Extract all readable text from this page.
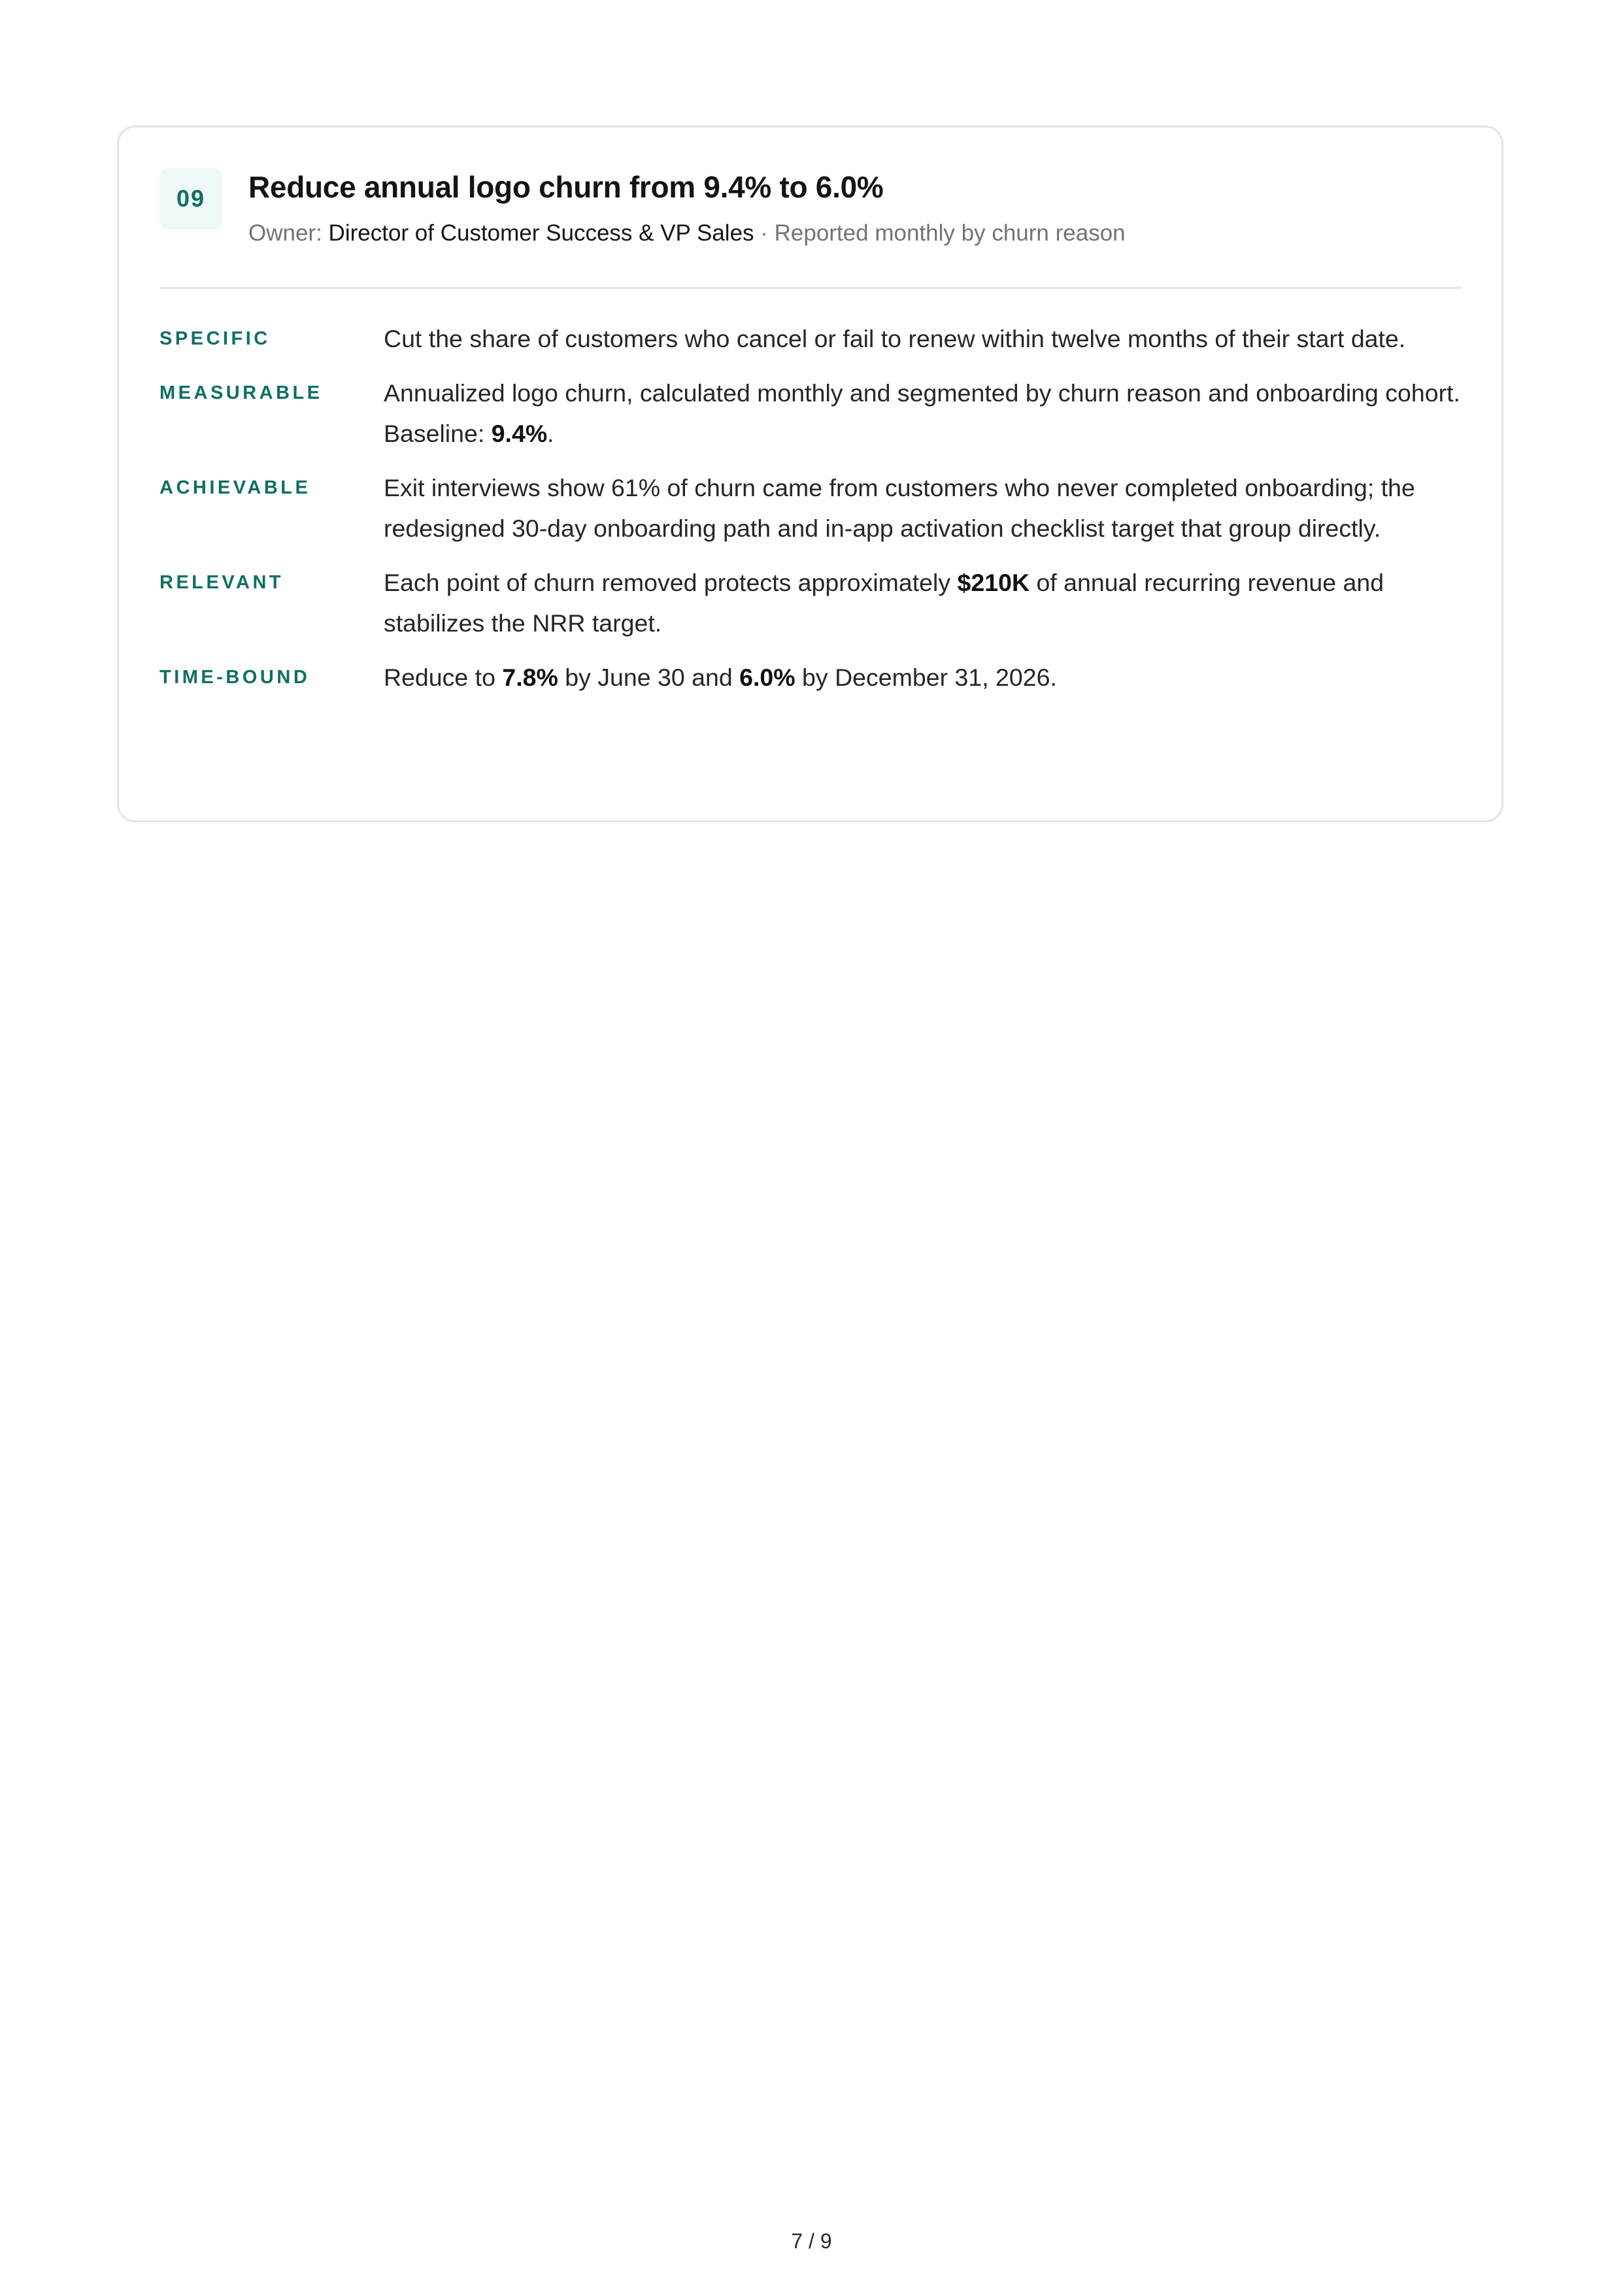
09	Reduce annual logo churn from 9.4% to 6.0%
Owner: Director of Customer Success & VP Sales · Reported monthly by churn reason
SPECIFIC	Cut the share of customers who cancel or fail to renew within twelve months of their start date.
MEASURABLE	Annualized logo churn, calculated monthly and segmented by churn reason and onboarding cohort. Baseline: 9.4%.
ACHIEVABLE	Exit interviews show 61% of churn came from customers who never completed onboarding; the redesigned 30-day onboarding path and in-app activation checklist target that group directly.
RELEVANT	Each point of churn removed protects approximately $210K of annual recurring revenue and stabilizes the NRR target.
TIME-BOUND	Reduce to 7.8% by June 30 and 6.0% by December 31, 2026.
7 / 9
